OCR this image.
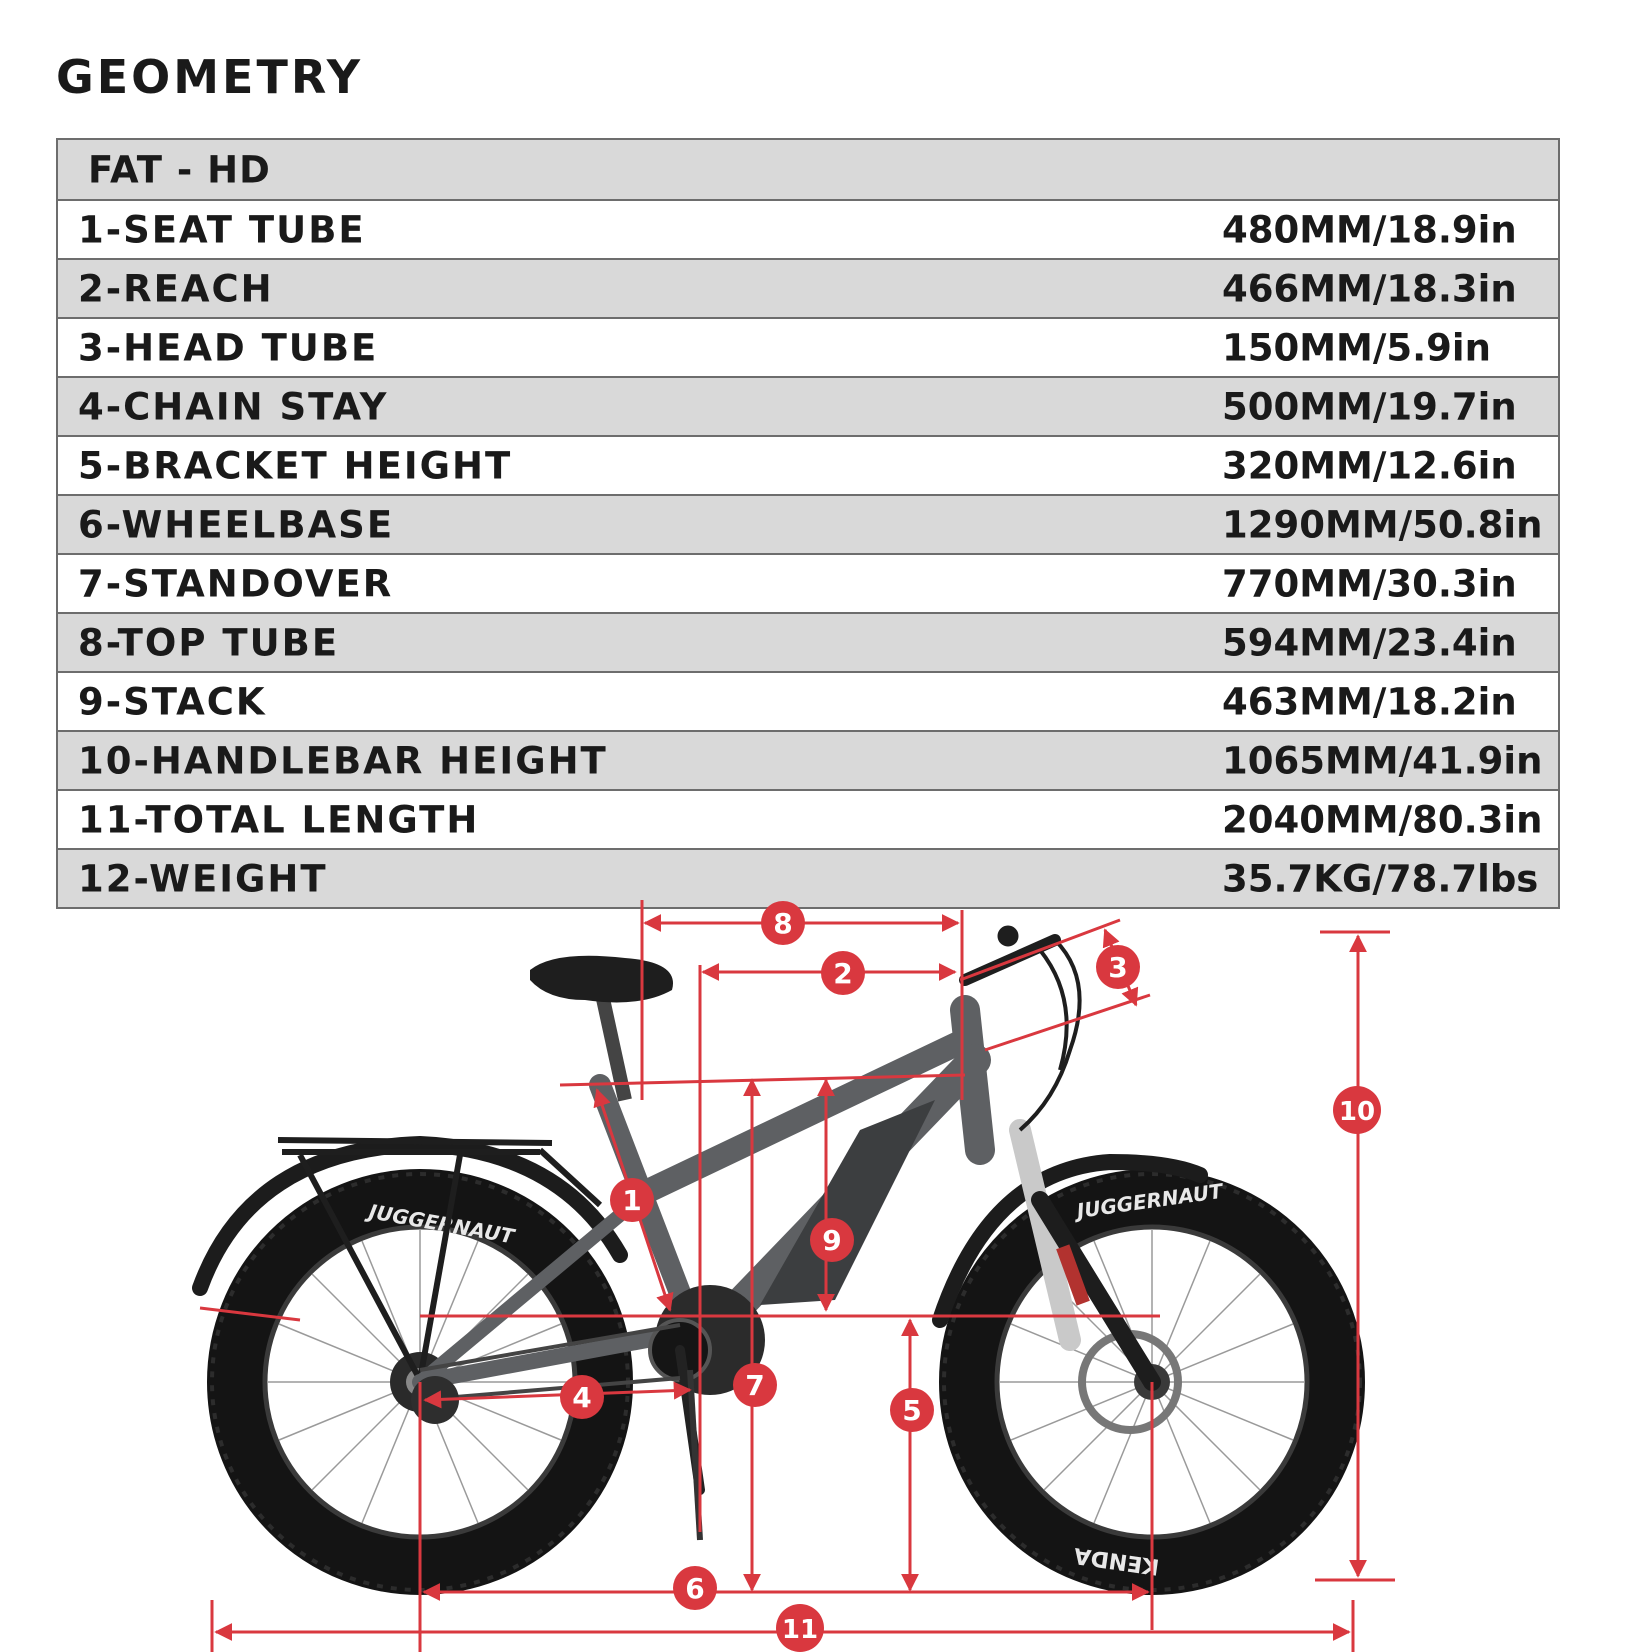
GEOMETRY
FAT - HD
1-SEAT TUBE	480MM/18.9in
2-REACH	466MM/18.3in
3-HEAD TUBE	150MM/5.9in
4-CHAIN STAY	500MM/19.7in
5-BRACKET HEIGHT	320MM/12.6in
6-WHEELBASE	1290MM/50.8in
7-STANDOVER	770MM/30.3in
8-TOP TUBE	594MM/23.4in
9-STACK	463MM/18.2in
10-HANDLEBAR HEIGHT	1065MM/41.9in
11-TOTAL LENGTH	2040MM/80.3in
12-WEIGHT	35.7KG/78.7lbs
JUGGERNAUT	JUGGERNAUT
KENDA
8
2	3
1
9
10
4	7
5
6
11
